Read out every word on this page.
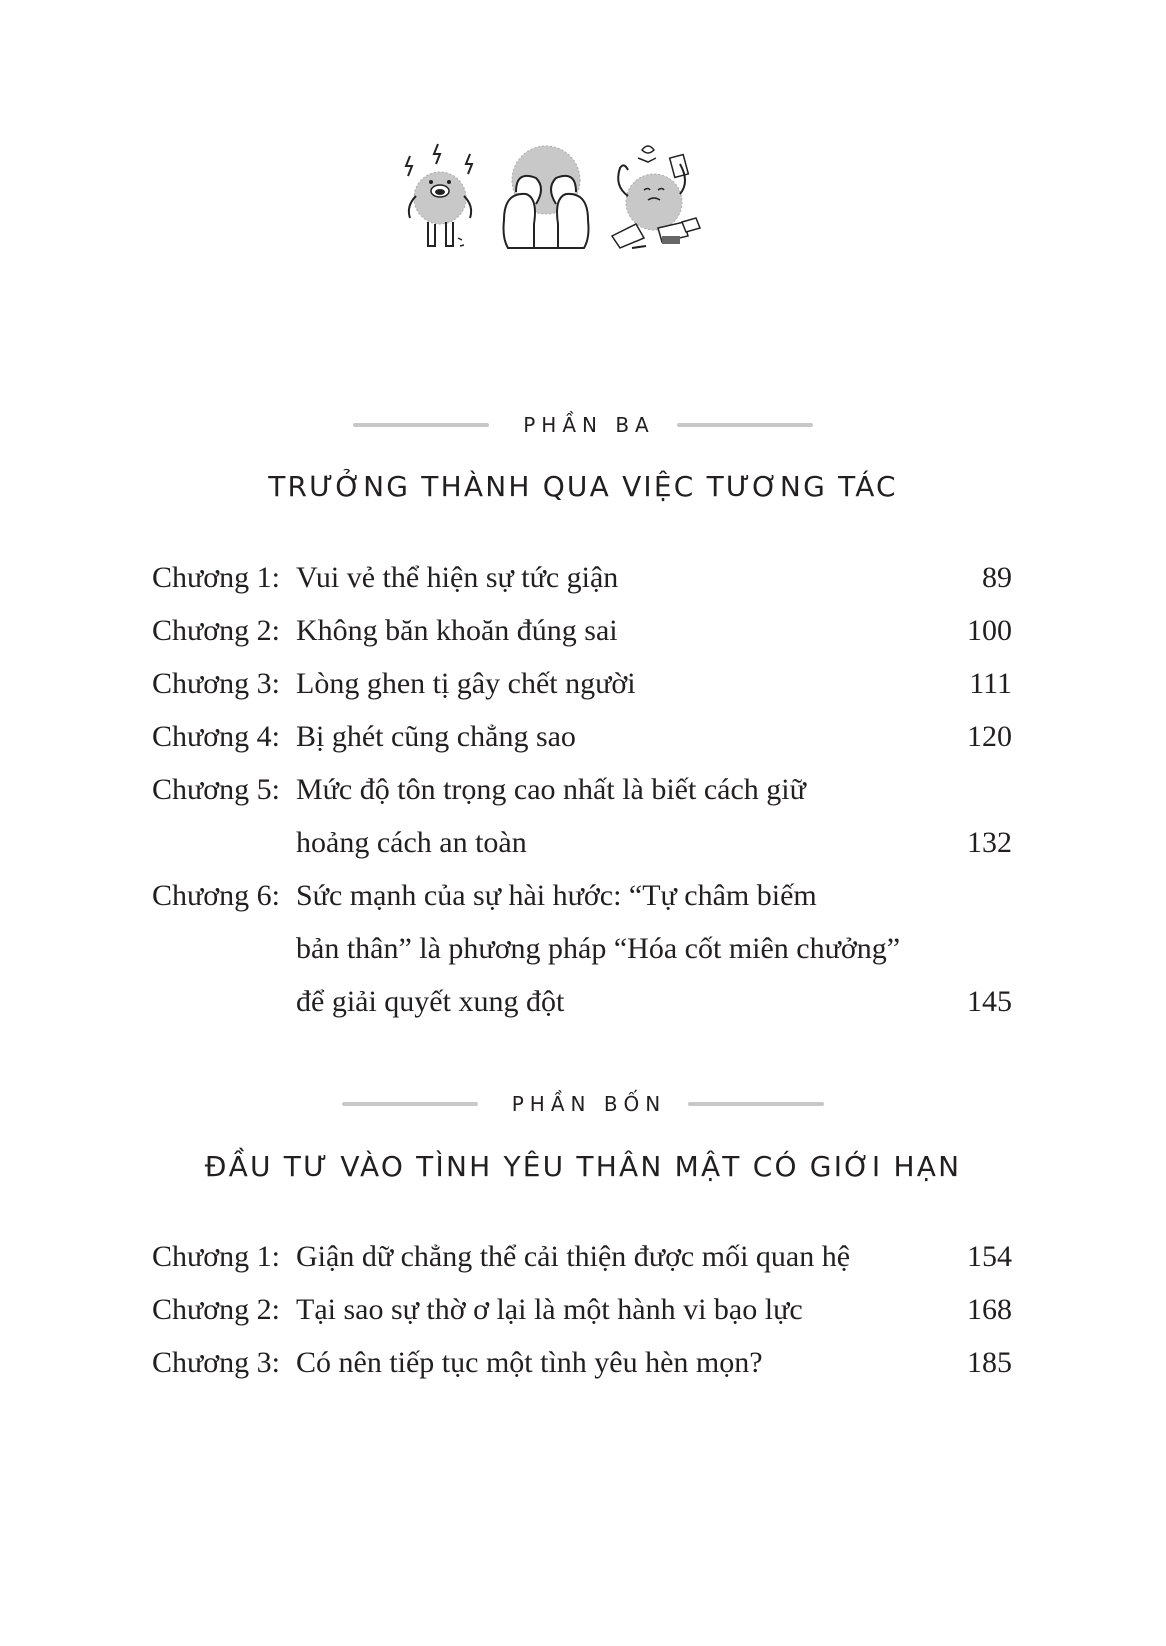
PHẦN BA
TRƯỞNG THÀNH QUA VIỆC TƯƠNG TÁC
Chương 1: Vui vẻ thể hiện sự tức giận	89
Chương 2: Không băn khoăn đúng sai	100
Chương 3: Lòng ghen tị gây chết người	111
Chương 4: Bị ghét cũng chẳng sao	120
Chương 5: Mức độ tôn trọng cao nhất là biết cách giữ
hoảng cách an toàn	132
Chương 6: Sức mạnh của sự hài hước: “Tự châm biếm
bản thân” là phương pháp “Hóa cốt miên chưởng”
để giải quyết xung đột	145
PHẦN BỐN
ĐẦU TƯ VÀO TÌNH YÊU THÂN MẬT CÓ GIỚI HẠN
Chương 1: Giận dữ chẳng thể cải thiện được mối quan hệ	154
Chương 2: Tại sao sự thờ ơ lại là một hành vi bạo lực	168
Chương 3: Có nên tiếp tục một tình yêu hèn mọn?	185
